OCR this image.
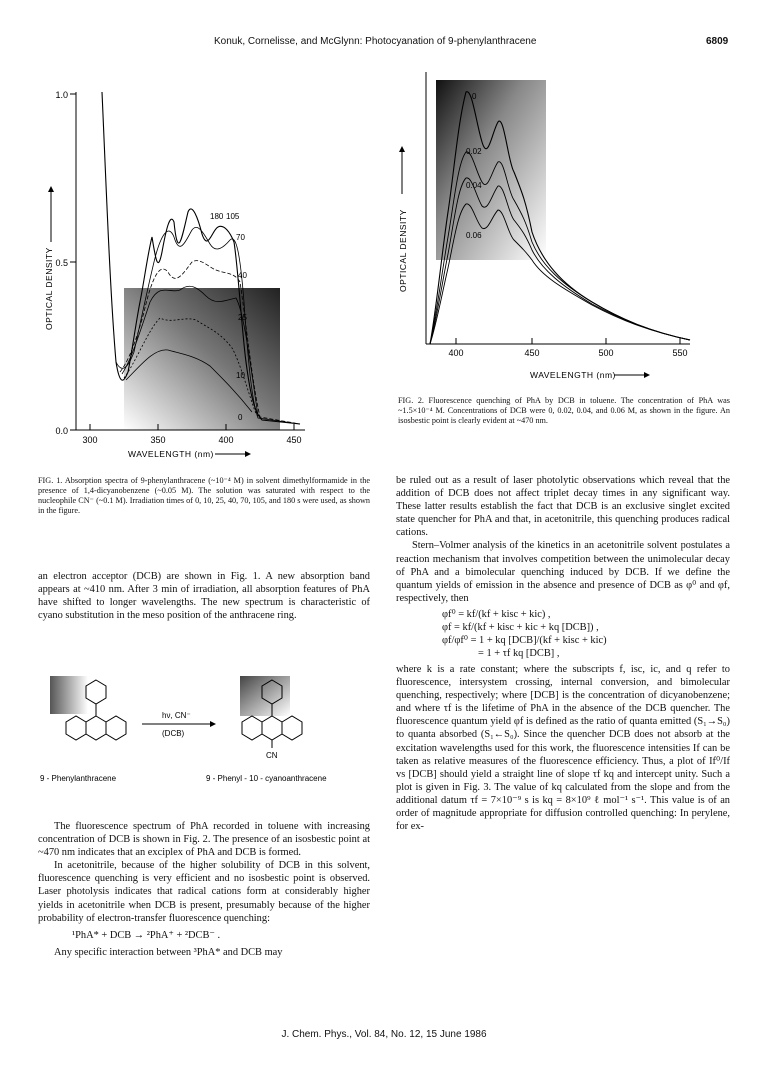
Konuk, Cornelisse, and McGlynn: Photocyanation of 9-phenylanthracene	6809
1.0
0.5
0.0
300	350	400	450
WAVELENGTH (nm)
OPTICAL DENSITY
180 105
70
40
25
10
0
FIG. 1. Absorption spectra of 9-phenylanthracene (~10⁻⁴ M) in solvent dimethylformamide in the presence of 1,4-dicyanobenzene (~0.05 M). The solution was saturated with respect to the nucleophile CN⁻ (~0.1 M). Irradiation times of 0, 10, 25, 40, 70, 105, and 180 s were used, as shown in the figure.
400	450	500	550
WAVELENGTH (nm)
OPTICAL DENSITY
0
0.02
0.04
0.06
FIG. 2. Fluorescence quenching of PhA by DCB in toluene. The concentration of PhA was ~1.5×10⁻⁴ M. Concentrations of DCB were 0, 0.02, 0.04, and 0.06 M, as shown in the figure. An isosbestic point is clearly evident at ~470 nm.
hν, CN⁻
(DCB)
CN
9 - Phenylanthracene	9 - Phenyl - 10 - cyanoanthracene

an electron acceptor (DCB) are shown in Fig. 1. A new absorption band appears at ~410 nm. After 3 min of irradiation, all absorption features of PhA have shifted to longer wavelengths. The new spectrum is characteristic of cyano substitution in the meso position of the anthracene ring.

The fluorescence spectrum of PhA recorded in toluene with increasing concentration of DCB is shown in Fig. 2. The presence of an isosbestic point at ~470 nm indicates that an exciplex of PhA and DCB is formed.

In acetonitrile, because of the higher solubility of DCB in this solvent, fluorescence quenching is very efficient and no isosbestic point is observed. Laser photolysis indicates that radical cations form at considerably higher yields in acetonitrile when DCB is present, presumably because of the higher probability of electron-transfer fluorescence quenching:

¹PhA* + DCB → ²PhA⁺ + ²DCB⁻ .

Any specific interaction between ³PhA* and DCB may

be ruled out as a result of laser photolytic observations which reveal that the addition of DCB does not affect triplet decay times in any significant way. These latter results establish the fact that DCB is an exclusive singlet excited state quencher for PhA and that, in acetonitrile, this quenching produces radical cations.

Stern–Volmer analysis of the kinetics in an acetonitrile solvent postulates a reaction mechanism that involves competition between the unimolecular decay of PhA and a bimolecular quenching induced by DCB. If we define the quantum yields of emission in the absence and presence of DCB as φ⁰ and φf, respectively, then

φf⁰ = kf/(kf + kisc + kic) ,
φf = kf/(kf + kisc + kic + kq [DCB]) ,
φf/φf⁰ = 1 + kq [DCB]/(kf + kisc + kic)
= 1 + τf kq [DCB] ,

where k is a rate constant; where the subscripts f, isc, ic, and q refer to fluorescence, intersystem crossing, internal conversion, and bimolecular quenching, respectively; where [DCB] is the concentration of dicyanobenzene; and where τf is the lifetime of PhA in the absence of the DCB quencher. The fluorescence quantum yield φf is defined as the ratio of quanta emitted (S₁→S₀) to quanta absorbed (S₁←S₀). Since the quencher DCB does not absorb at the excitation wavelengths used for this work, the fluorescence intensities If can be taken as relative measures of the fluorescence efficiency. Thus, a plot of If⁰/If vs [DCB] should yield a straight line of slope τf kq and intercept unity. Such a plot is given in Fig. 3. The value of kq calculated from the slope and from the additional datum τf = 7×10⁻⁹ s is kq = 8×10⁹ ℓ mol⁻¹ s⁻¹. This value is of an order of magnitude appropriate for diffusion controlled quenching: In perylene, for ex-

J. Chem. Phys., Vol. 84, No. 12, 15 June 1986
